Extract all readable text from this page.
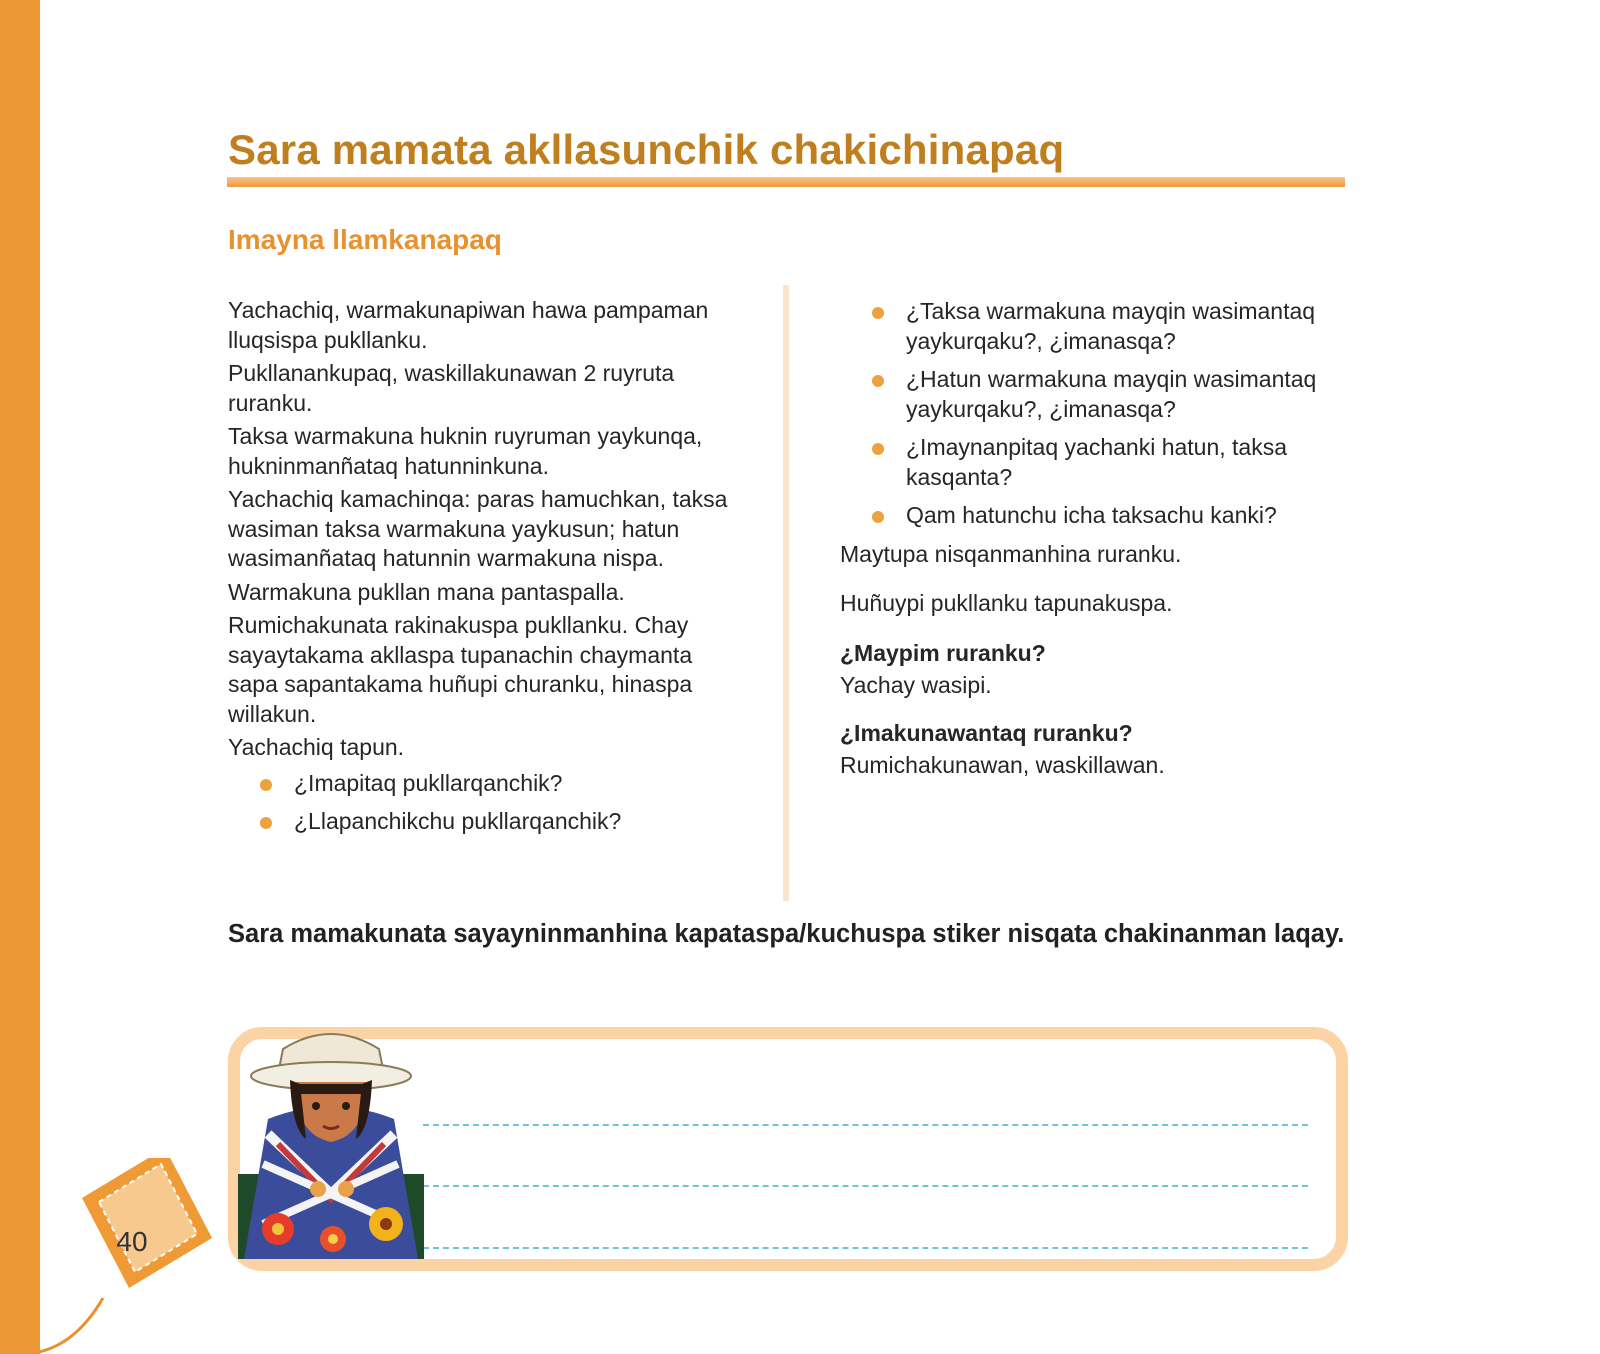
Sara mamata akllasunchik chakichinapaq
Imayna llamkanapaq

Yachachiq, warmakunapiwan hawa pampaman lluqsispa pukllanku.

Pukllanankupaq, waskillakunawan 2 ruyruta ruranku.

Taksa warmakuna huknin ruyruman yaykunqa, hukninmanñataq hatunninkuna.

Yachachiq kamachinqa: paras hamuchkan, taksa wasiman taksa warmakuna yaykusun; hatun wasimanñataq hatunnin warmakuna nispa.

Warmakuna pukllan mana pantaspalla.

Rumichakunata rakinakuspa pukllanku. Chay sayaytakama akllaspa tupanachin chaymanta sapa sapantakama huñupi churanku, hinaspa willakun.

Yachachiq tapun.

¿Imapitaq pukllarqanchik?
¿Llapanchikchu pukllarqanchik?
¿Taksa warmakuna mayqin wasimantaq yaykurqaku?, ¿imanasqa?
¿Hatun warmakuna mayqin wasimantaq yaykurqaku?, ¿imanasqa?
¿Imaynanpitaq yachanki hatun, taksa kasqanta?
Qam hatunchu icha taksachu kanki?

Maytupa nisqanmanhina ruranku.

Huñuypi pukllanku tapunakuspa.

¿Maypim ruranku?

Yachay wasipi.

¿Imakunawantaq ruranku?

Rumichakunawan, waskillawan.

Sara mamakunata sayayninmanhina kapataspa/kuchuspa stiker nisqata chakinanman laqay.

40
